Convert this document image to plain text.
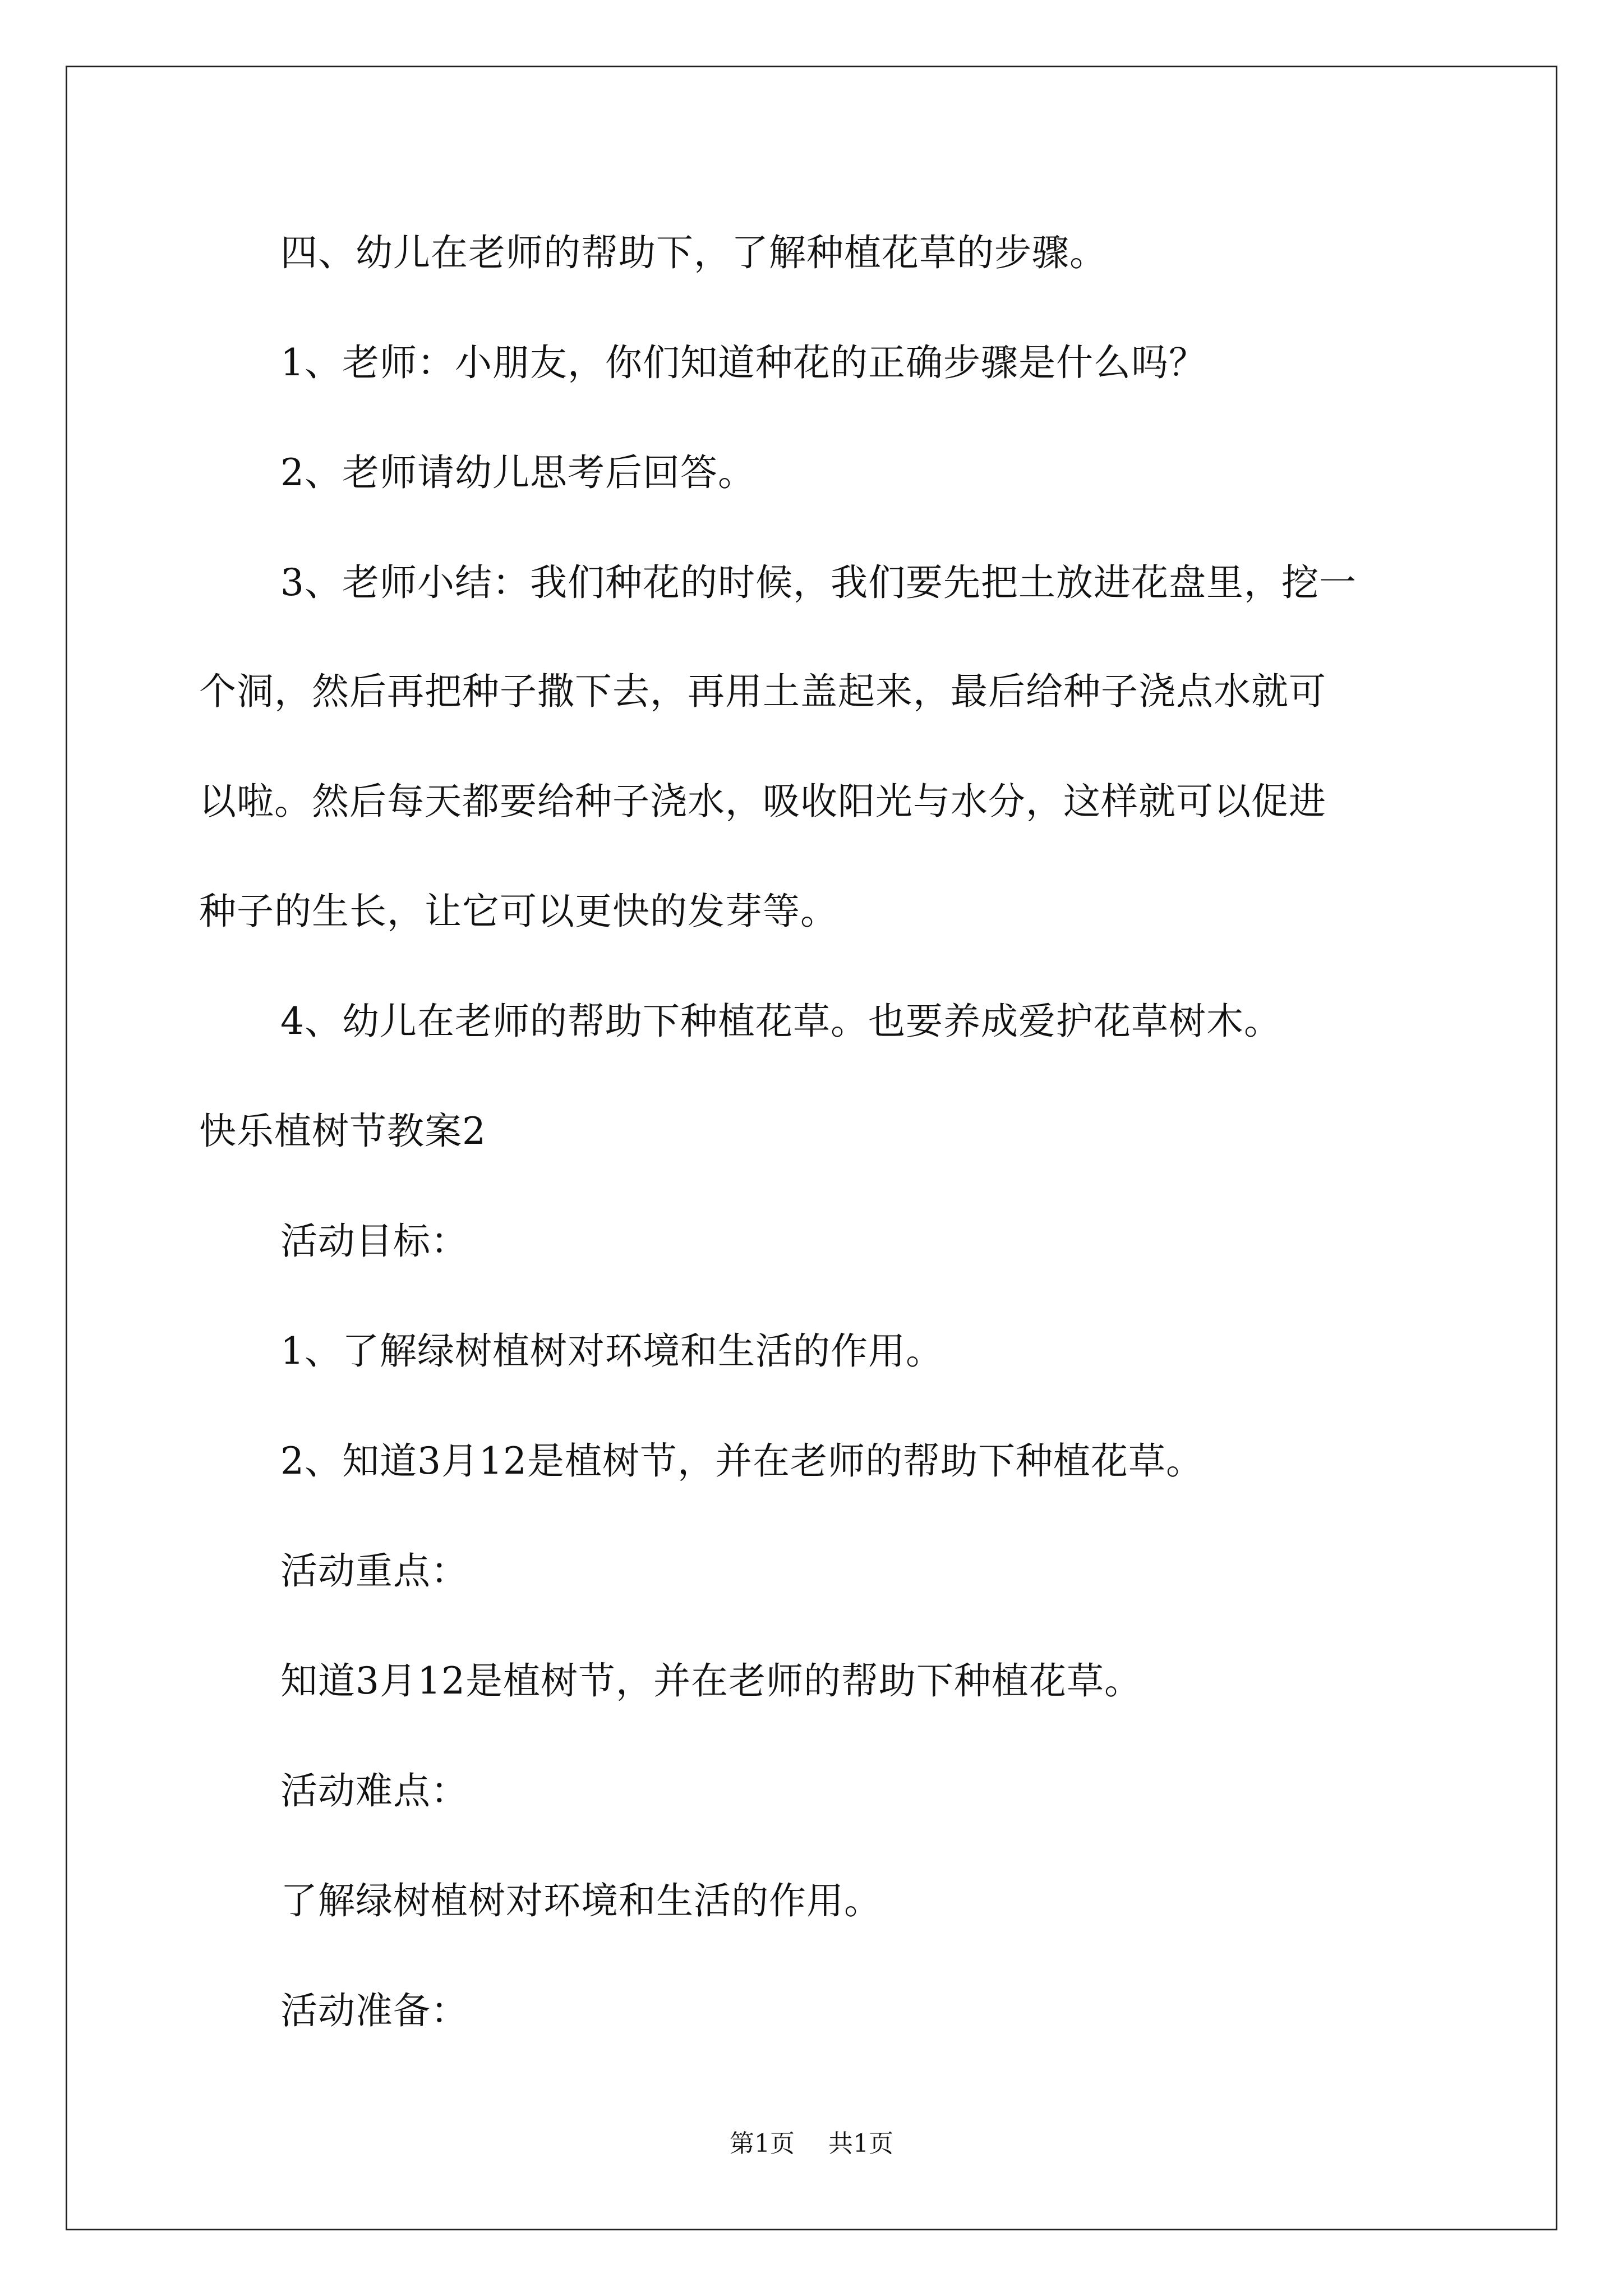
四、幼儿在老师的帮助下，了解种植花草的步骤。
1、老师：小朋友，你们知道种花的正确步骤是什么吗？
2、老师请幼儿思考后回答。
3、老师小结：我们种花的时候，我们要先把土放进花盘里，挖一
个洞，然后再把种子撒下去，再用土盖起来，最后给种子浇点水就可
以啦。然后每天都要给种子浇水，吸收阳光与水分，这样就可以促进
种子的生长，让它可以更快的发芽等。
4、幼儿在老师的帮助下种植花草。也要养成爱护花草树木。
快乐植树节教案2
活动目标：
1、了解绿树植树对环境和生活的作用。
2、知道3月12是植树节，并在老师的帮助下种植花草。
活动重点：
知道3月12是植树节，并在老师的帮助下种植花草。
活动难点：
了解绿树植树对环境和生活的作用。
活动准备：
第1页 共1页
